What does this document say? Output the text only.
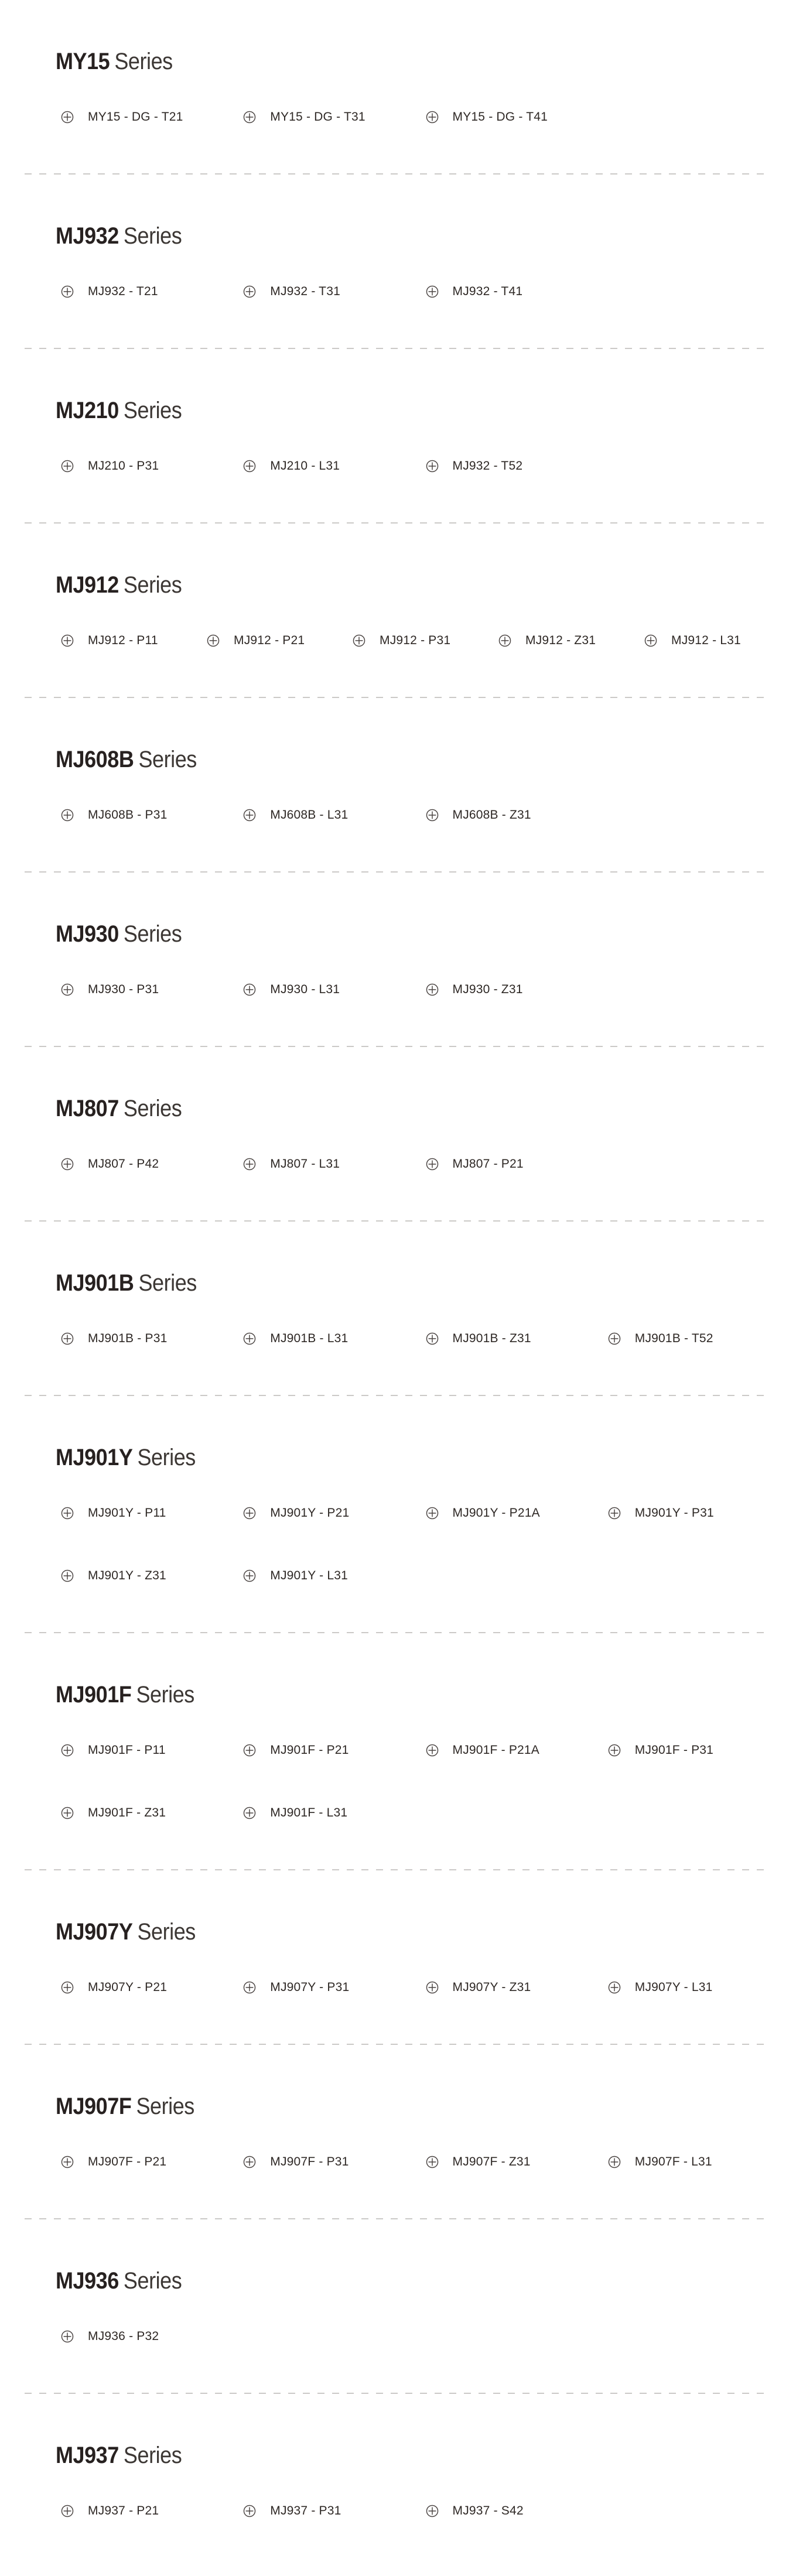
MY15 Series
MY15 - DG - T21	MY15 - DG - T31	MY15 - DG - T41
MJ932 Series
MJ932 - T21	MJ932 - T31	MJ932 - T41
MJ210 Series
MJ210 - P31	MJ210 - L31	MJ932 - T52
MJ912 Series
MJ912 - P11	MJ912 - P21	MJ912 - P31	MJ912 - Z31	MJ912 - L31
MJ608B Series
MJ608B - P31	MJ608B - L31	MJ608B - Z31
MJ930 Series
MJ930 - P31	MJ930 - L31	MJ930 - Z31
MJ807 Series
MJ807 - P42	MJ807 - L31	MJ807 - P21
MJ901B Series
MJ901B - P31	MJ901B - L31	MJ901B - Z31	MJ901B - T52
MJ901Y Series
MJ901Y - P11	MJ901Y - P21	MJ901Y - P21A	MJ901Y - P31
MJ901Y - Z31	MJ901Y - L31
MJ901F Series
MJ901F - P11	MJ901F - P21	MJ901F - P21A	MJ901F - P31
MJ901F - Z31	MJ901F - L31
MJ907Y Series
MJ907Y - P21	MJ907Y - P31	MJ907Y - Z31	MJ907Y - L31
MJ907F Series
MJ907F - P21	MJ907F - P31	MJ907F - Z31	MJ907F - L31
MJ936 Series
MJ936 - P32
MJ937 Series
MJ937 - P21	MJ937 - P31	MJ937 - S42
